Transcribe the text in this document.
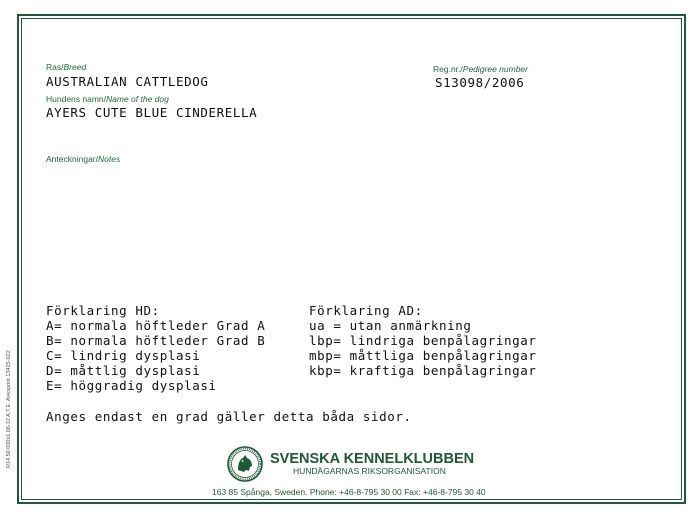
R14 50 000x1.06-12 A.T.E. Avesprint 13425-022
Ras/Breed
AUSTRALIAN CATTLEDOG
Reg.nr./Pedigree number
S13098/2006
Hundens namn/Name of the dog
AYERS CUTE BLUE CINDERELLA
Anteckningar/Notes
Förklaring HD:
A= normala höftleder Grad A
B= normala höftleder Grad B
C= lindrig dysplasi
D= måttlig dysplasi
E= höggradig dysplasi
Förklaring AD:
ua = utan anmärkning
lbp= lindriga benpålagringar
mbp= måttliga benpålagringar
kbp= kraftiga benpålagringar
Anges endast en grad gäller detta båda sidor.
SVENSKA KENNELKLUBBEN
HUNDÄGARNAS RIKSORGANISATION
163 85 Spånga, Sweden. Phone: +46-8-795 30 00 Fax: +46-8-795 30 40
